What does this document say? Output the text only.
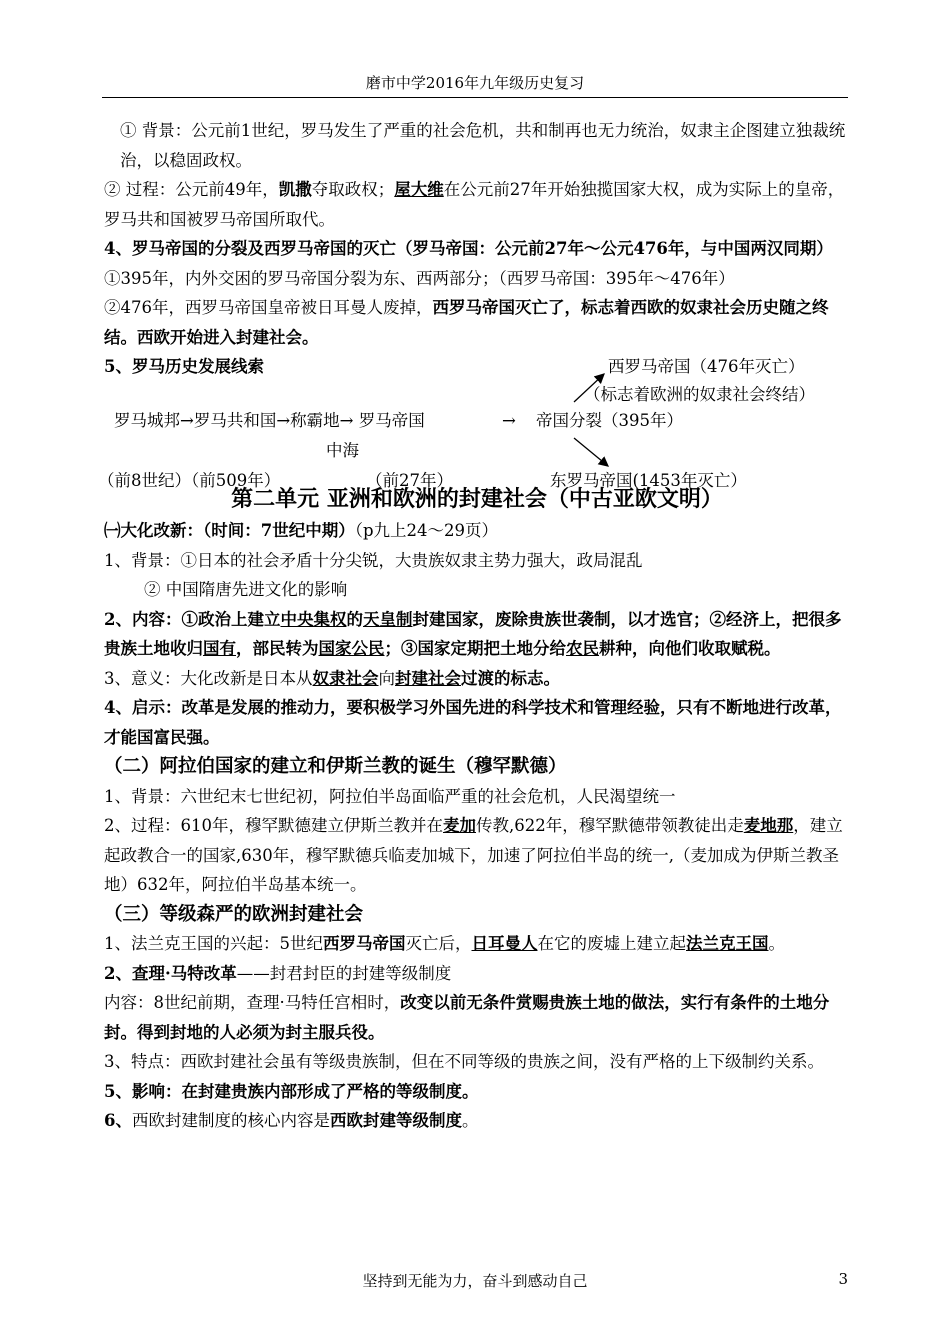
磨市中学2016年九年级历史复习

① 背景：公元前1世纪，罗马发生了严重的社会危机，共和制再也无力统治，奴隶主企图建立独裁统治，以稳固政权。

② 过程：公元前49年，凯撒夺取政权；屋大维在公元前27年开始独揽国家大权，成为实际上的皇帝，罗马共和国被罗马帝国所取代。

4、罗马帝国的分裂及西罗马帝国的灭亡（罗马帝国：公元前27年～公元476年，与中国两汉同期）

①395年，内外交困的罗马帝国分裂为东、西两部分；（西罗马帝国：395年～476年）

②476年，西罗马帝国皇帝被日耳曼人废掉，西罗马帝国灭亡了，标志着西欧的奴隶社会历史随之终结。西欧开始进入封建社会。

5、罗马历史发展线索	西罗马帝国（476年灭亡）
（标志着欧洲的奴隶社会终结）
罗马城邦→罗马共和国→称霸地→ 罗马帝国	→ 帝国分裂（395年）
中海
（前8世纪）（前509年）	（前27年）	东罗马帝国(1453年灭亡）
第二单元 亚洲和欧洲的封建社会（中古亚欧文明）

㈠大化改新：（时间：7世纪中期）（p九上24～29页）

1、背景：①日本的社会矛盾十分尖锐，大贵族奴隶主势力强大，政局混乱

② 中国隋唐先进文化的影响

2、内容：①政治上建立中央集权的天皇制封建国家，废除贵族世袭制，以才选官；②经济上，把很多贵族土地收归国有，部民转为国家公民；③国家定期把土地分给农民耕种，向他们收取赋税。

3、意义：大化改新是日本从奴隶社会向封建社会过渡的标志。

4、启示：改革是发展的推动力，要积极学习外国先进的科学技术和管理经验，只有不断地进行改革，才能国富民强。

（二）阿拉伯国家的建立和伊斯兰教的诞生（穆罕默德）

1、背景：六世纪末七世纪初，阿拉伯半岛面临严重的社会危机，人民渴望统一

2、过程：610年，穆罕默德建立伊斯兰教并在麦加传教,622年，穆罕默德带领教徒出走麦地那，建立起政教合一的国家,630年，穆罕默德兵临麦加城下，加速了阿拉伯半岛的统一,（麦加成为伊斯兰教圣地）632年，阿拉伯半岛基本统一。

（三）等级森严的欧洲封建社会

1、法兰克王国的兴起：5世纪西罗马帝国灭亡后，日耳曼人在它的废墟上建立起法兰克王国。

2、查理·马特改革——封君封臣的封建等级制度

内容：8世纪前期，查理·马特任宫相时，改变以前无条件赏赐贵族土地的做法，实行有条件的土地分封。得到封地的人必须为封主服兵役。

3、特点：西欧封建社会虽有等级贵族制，但在不同等级的贵族之间，没有严格的上下级制约关系。

5、影响：在封建贵族内部形成了严格的等级制度。

6、西欧封建制度的核心内容是西欧封建等级制度。

坚持到无能为力，奋斗到感动自己	3
